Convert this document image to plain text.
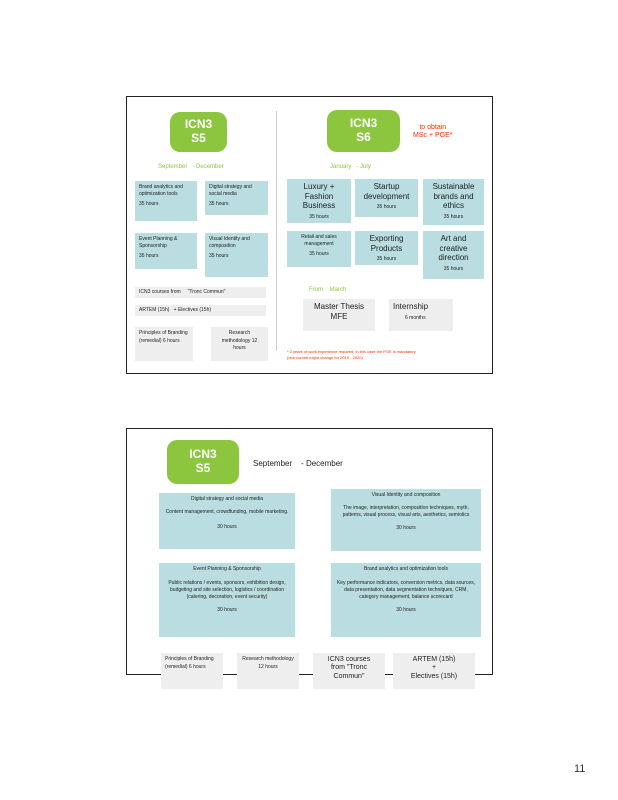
ICN3
S5
September - December
ICN3
S6

to obtain

MSc + PGE*

January - July
Brand analytics and optimization tools
35 hours
Digital strategy and social media
35 hours
Event Planning & Sponsorship
35 hours
Visual Identity and composition
35 hours
ICN3 courses from "Tronc Commun"
ARTEM (15h) + Electives (15h)
Principles of Branding (remedial) 6 hours
Research methodology 12 hours
Luxury + Fashion Business
35 hours
Startup development
35 hours
Sustainable brands and ethics
35 hours
Retail and sales management
35 hours
Exporting Products
35 hours
Art and creative direction
35 hours
From March

Master Thesis

MFE

Internship

6 months

* 3 years of work experience required; in this case the PGE is mandatory

(one course might change for 2019 - 2020)

ICN3
S5	September - December

Digital strategy and social media

Content management, crowdfunding, mobile marketing.

30 hours

Visual Identity and composition

The image, interpretation, composition techniques, myth, patterns, visual process, visual arts, aesthetics, semiotics

30 hours

Event Planning & Sponsorship

Public relations / events, sponsors, exhibition design, budgeting and site selection, logistics / coordination (catering, decoration, event security)

30 hours

Brand analytics and optimization tools

Key performance indicators, conversion metrics, data sources, data presentation, data segmentation techniques, CRM, category management, balance scorecard

30 hours
Principles of Branding (remedial) 6 hours
Research methodology 12 hours

ICN3 courses

from "Tronc

Commun"

ARTEM (15h)

+

Electives (15h)

11
